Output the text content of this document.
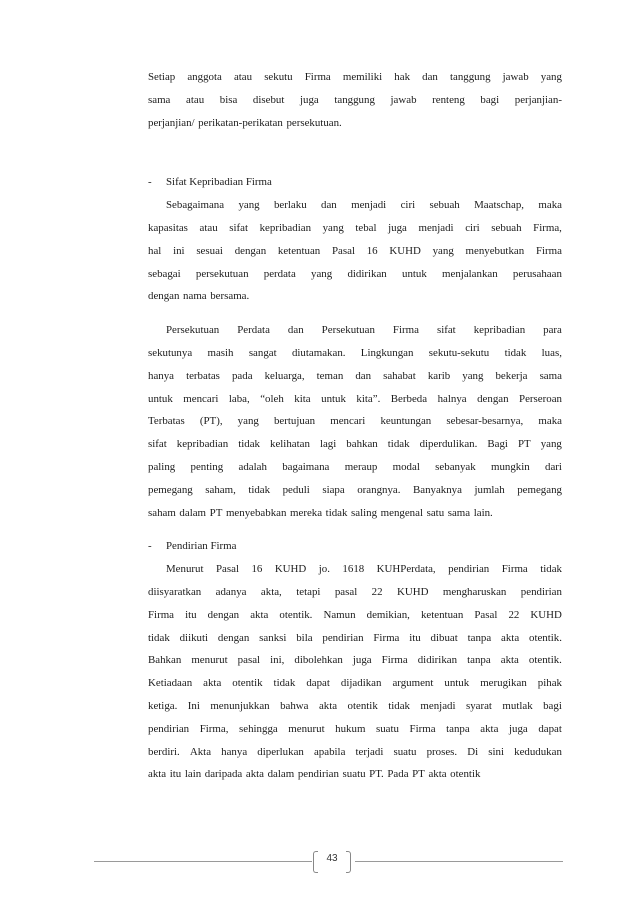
Setiap anggota atau sekutu Firma memiliki hak dan tanggung jawab yang
sama atau bisa disebut juga tanggung jawab renteng bagi perjanjian-
perjanjian/ perikatan-perikatan persekutuan.
-	Sifat Kepribadian Firma
Sebagaimana yang berlaku dan menjadi ciri sebuah Maatschap, maka
kapasitas atau sifat kepribadian yang tebal juga menjadi ciri sebuah Firma,
hal ini sesuai dengan ketentuan Pasal 16 KUHD yang menyebutkan Firma
sebagai persekutuan perdata yang didirikan untuk menjalankan perusahaan
dengan nama bersama.
Persekutuan Perdata dan Persekutuan Firma sifat kepribadian para
sekutunya masih sangat diutamakan. Lingkungan sekutu-sekutu tidak luas,
hanya terbatas pada keluarga, teman dan sahabat karib yang bekerja sama
untuk mencari laba, “oleh kita untuk kita”. Berbeda halnya dengan Perseroan
Terbatas (PT), yang bertujuan mencari keuntungan sebesar-besarnya, maka
sifat kepribadian tidak kelihatan lagi bahkan tidak diperdulikan. Bagi PT yang
paling penting adalah bagaimana meraup modal sebanyak mungkin dari
pemegang saham, tidak peduli siapa orangnya. Banyaknya jumlah pemegang
saham dalam PT menyebabkan mereka tidak saling mengenal satu sama lain.
-	Pendirian Firma
Menurut Pasal 16 KUHD jo. 1618 KUHPerdata, pendirian Firma tidak
diisyaratkan adanya akta, tetapi pasal 22 KUHD mengharuskan pendirian
Firma itu dengan akta otentik. Namun demikian, ketentuan Pasal 22 KUHD
tidak diikuti dengan sanksi bila pendirian Firma itu dibuat tanpa akta otentik.
Bahkan menurut pasal ini, dibolehkan juga Firma didirikan tanpa akta otentik.
Ketiadaan akta otentik tidak dapat dijadikan argument untuk merugikan pihak
ketiga. Ini menunjukkan bahwa akta otentik tidak menjadi syarat mutlak bagi
pendirian Firma, sehingga menurut hukum suatu Firma tanpa akta juga dapat
berdiri. Akta hanya diperlukan apabila terjadi suatu proses. Di sini kedudukan
akta itu lain daripada akta dalam pendirian suatu PT. Pada PT akta otentik
43
